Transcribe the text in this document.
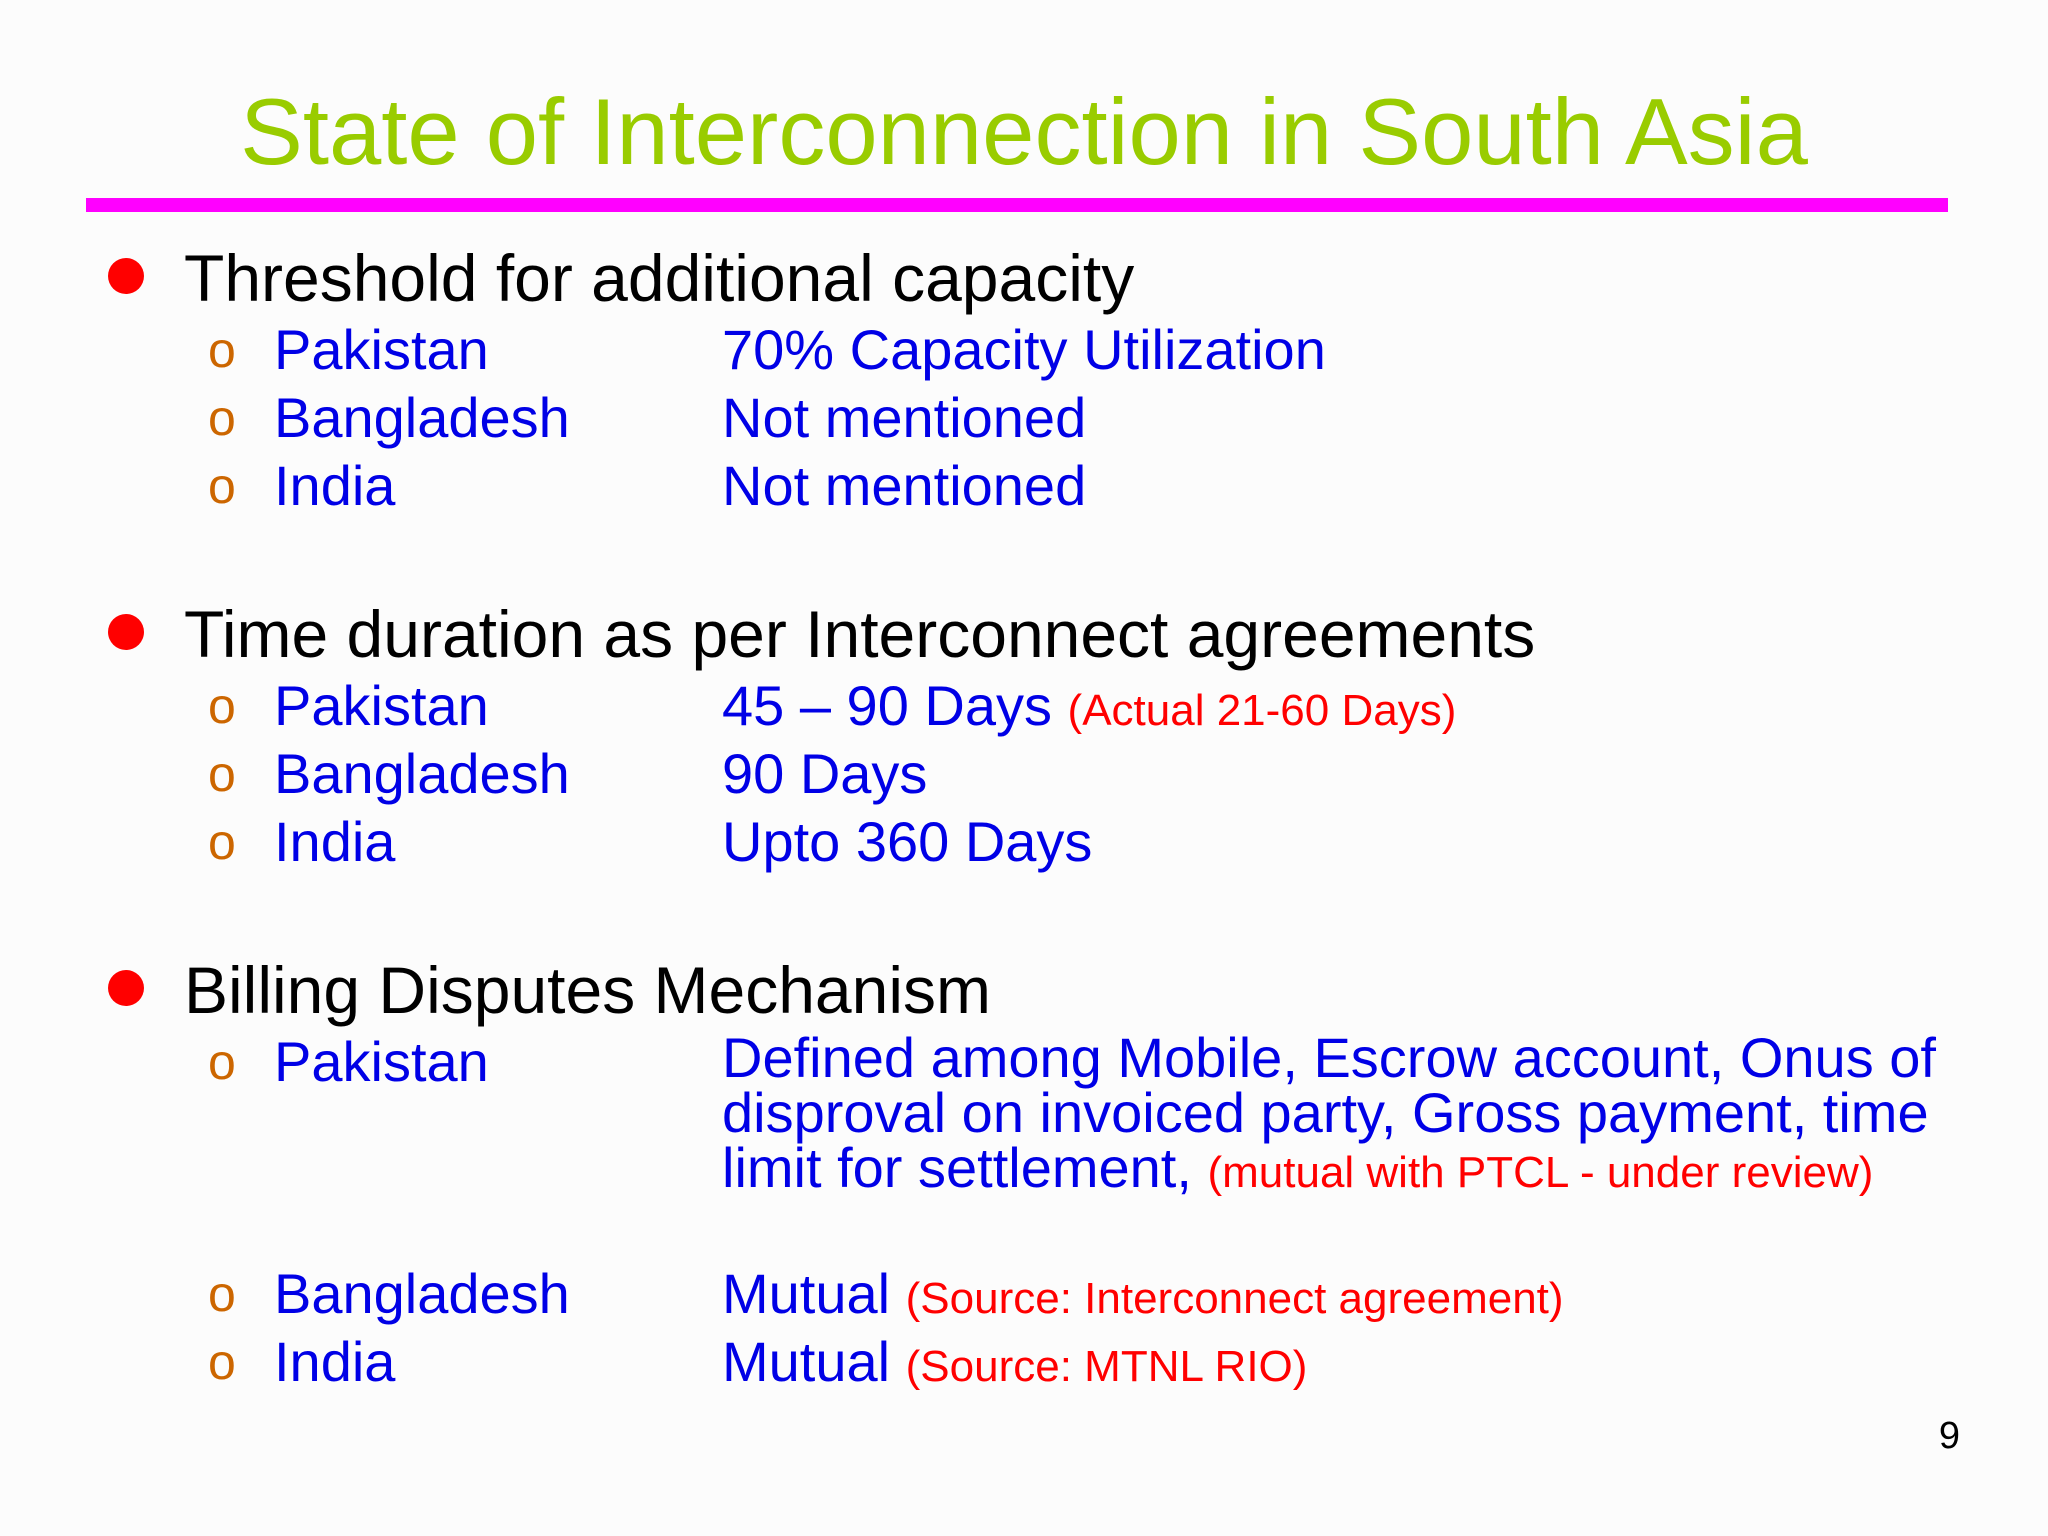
State of Interconnection in South Asia
Threshold for additional capacity
o Pakistan	70% Capacity Utilization
o Bangladesh	Not mentioned
o India	Not mentioned
Time duration as per Interconnect agreements
o Pakistan	45 – 90 Days (Actual 21-60 Days)
o Bangladesh	90 Days
o India	Upto 360 Days
Billing Disputes Mechanism
o Pakistan	Defined among Mobile, Escrow account, Onus of disproval on invoiced party, Gross payment, time limit for settlement, (mutual with PTCL - under review)
o Bangladesh	Mutual (Source: Interconnect agreement)
o India	Mutual (Source: MTNL RIO)
9
